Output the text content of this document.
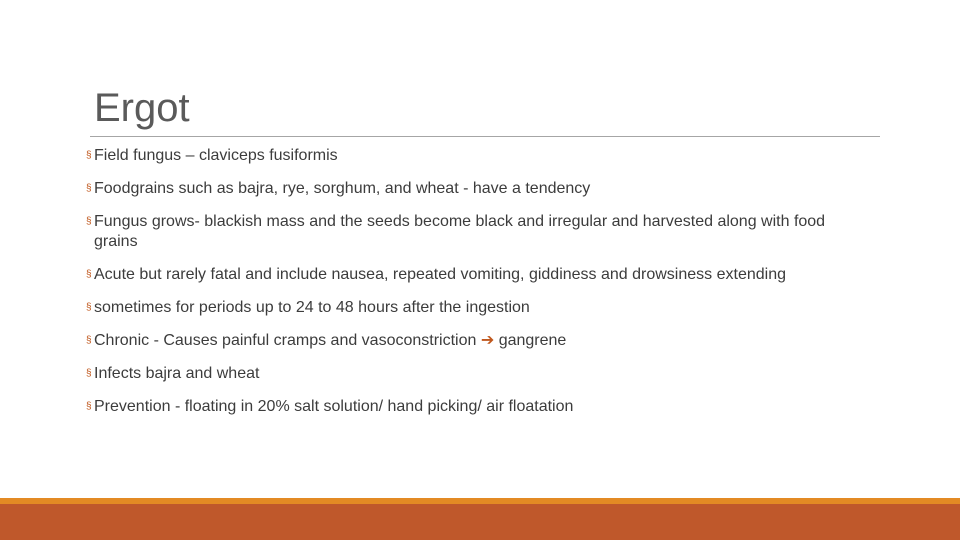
Ergot
§ Field fungus – claviceps fusiformis
§ Foodgrains such as bajra, rye, sorghum, and wheat - have a tendency
§ Fungus grows- blackish mass and the seeds become black and irregular and harvested along with food grains
§ Acute but rarely fatal and include nausea, repeated vomiting, giddiness and drowsiness extending
§ sometimes for periods up to 24 to 48 hours after the ingestion
§ Chronic - Causes painful cramps and vasoconstriction ➔ gangrene
§ Infects bajra and wheat
§ Prevention - floating in 20% salt solution/ hand picking/ air floatation
